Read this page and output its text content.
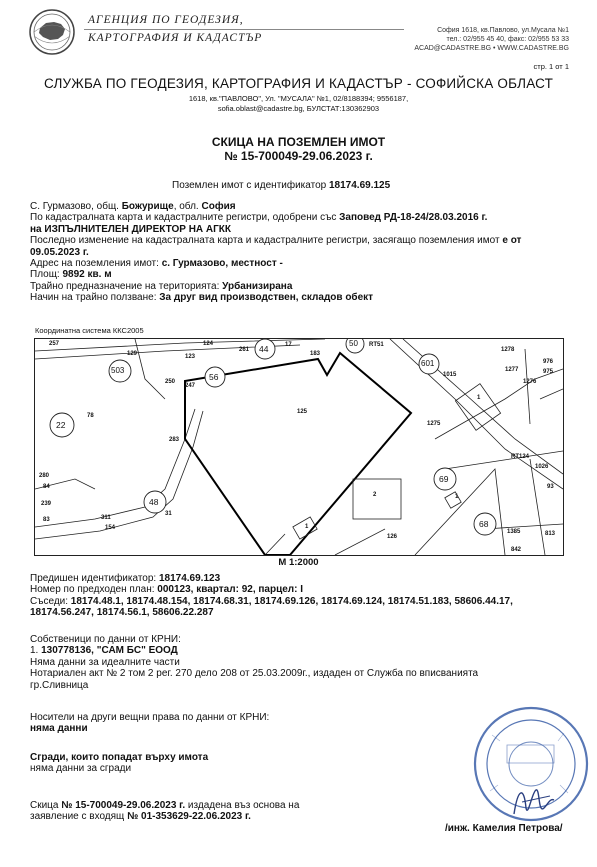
АГЕНЦИЯ ПО ГЕОДЕЗИЯ,
КАРТОГРАФИЯ И КАДАСТЪР
София 1618, кв.Павлово, ул.Мусала №1
тел.: 02/955 45 40, факс: 02/955 53 33
ACAD@CADASTRE.BG • WWW.CADASTRE.BG
стр. 1 от 1
СЛУЖБА ПО ГЕОДЕЗИЯ, КАРТОГРАФИЯ И КАДАСТЪР - СОФИЙСКА ОБЛАСТ
1618, кв."ПАВЛОВО", Ул. "МУСАЛА" №1, 02/8188394; 9556187,
sofia.oblast@cadastre.bg, БУЛСТАТ:130362903
СКИЦА НА ПОЗЕМЛЕН ИМОТ
№ 15-700049-29.06.2023 г.
Поземлен имот с идентификатор 18174.69.125
С. Гурмазово, общ. Божурище, обл. София
По кадастралната карта и кадастралните регистри, одобрени със Заповед РД-18-24/28.03.2016 г.
на ИЗПЪЛНИТЕЛЕН ДИРЕКТОР НА АГКК
Последно изменение на кадастралната карта и кадастралните регистри, засягащо поземления имот е от
09.05.2023 г.
Адрес на поземления имот: с. Гурмазово, местност -
Площ: 9892 кв. м
Трайно предназначение на територията: Урбанизирана
Начин на трайно ползване: За друг вид производствен, складов обект
Координатна система ККС2005
503
22
48
56
44
50
601
69
68
125
2
1
126
78
257
129
124	17
183
250
1015
1278
976
975
1276
1277
1275
1026
93
813
842
1385
239
84
280
83
31
154
311
283
247
123
261
RT51
RT124
1
1
М 1:2000
Предишен идентификатор: 18174.69.123
Номер по предходен план: 000123, квартал: 92, парцел: I
Съседи: 18174.48.1, 18174.48.154, 18174.68.31, 18174.69.126, 18174.69.124, 18174.51.183, 58606.44.17,
18174.56.247, 18174.56.1, 58606.22.287
Собственици по данни от КРНИ:
1. 130778136, "САМ БС" ЕООД
Няма данни за идеалните части
Нотариален акт № 2 том 2 рег. 270 дело 208 от 25.03.2009г., издаден от Служба по вписванията
гр.Сливница
Носители на други вещни права по данни от КРНИ:
няма данни
Сгради, които попадат върху имота
няма данни за сгради
Скица № 15-700049-29.06.2023 г. издадена въз основа на
заявление с входящ № 01-353629-22.06.2023 г.
/инж. Камелия Петрова/
